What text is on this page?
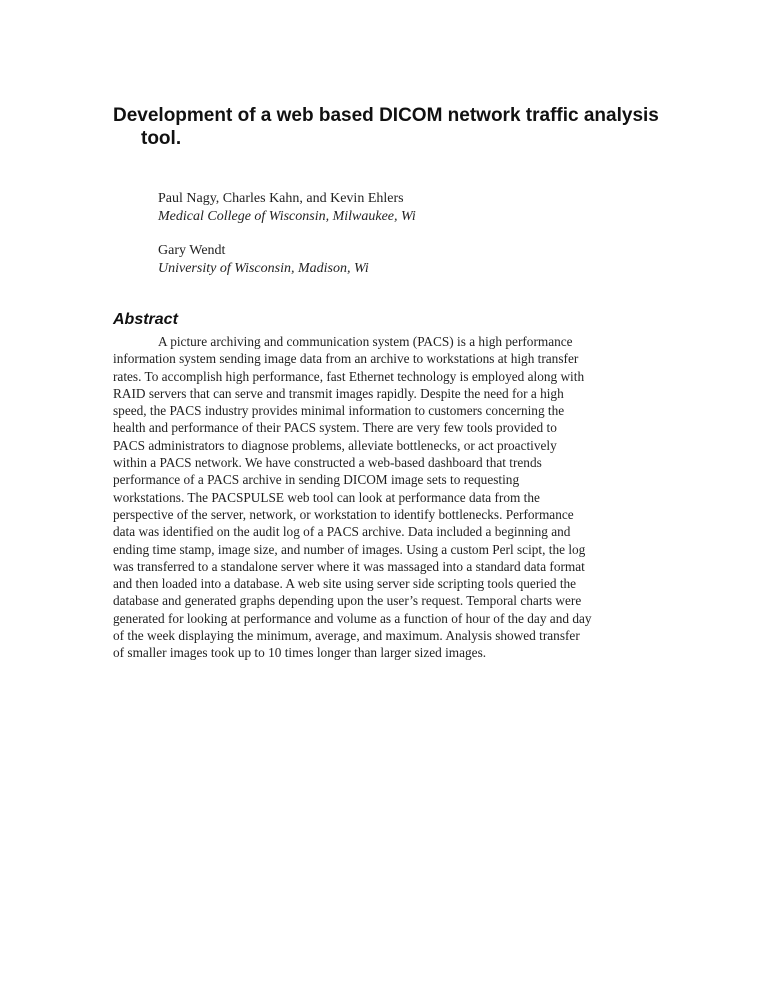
Development of a web based DICOM network traffic analysis tool.
Paul Nagy, Charles Kahn, and Kevin Ehlers
Medical College of Wisconsin, Milwaukee, Wi
Gary Wendt
University of Wisconsin, Madison, Wi
Abstract

A picture archiving and communication system (PACS) is a high performance
information system sending image data from an archive to workstations at high transfer
rates. To accomplish high performance, fast Ethernet technology is employed along with
RAID servers that can serve and transmit images rapidly. Despite the need for a high
speed, the PACS industry provides minimal information to customers concerning the
health and performance of their PACS system. There are very few tools provided to
PACS administrators to diagnose problems, alleviate bottlenecks, or act proactively
within a PACS network. We have constructed a web-based dashboard that trends
performance of a PACS archive in sending DICOM image sets to requesting
workstations. The PACSPULSE web tool can look at performance data from the
perspective of the server, network, or workstation to identify bottlenecks. Performance
data was identified on the audit log of a PACS archive. Data included a beginning and
ending time stamp, image size, and number of images. Using a custom Perl scipt, the log
was transferred to a standalone server where it was massaged into a standard data format
and then loaded into a database. A web site using server side scripting tools queried the
database and generated graphs depending upon the user’s request. Temporal charts were
generated for looking at performance and volume as a function of hour of the day and day
of the week displaying the minimum, average, and maximum. Analysis showed transfer
of smaller images took up to 10 times longer than larger sized images.
